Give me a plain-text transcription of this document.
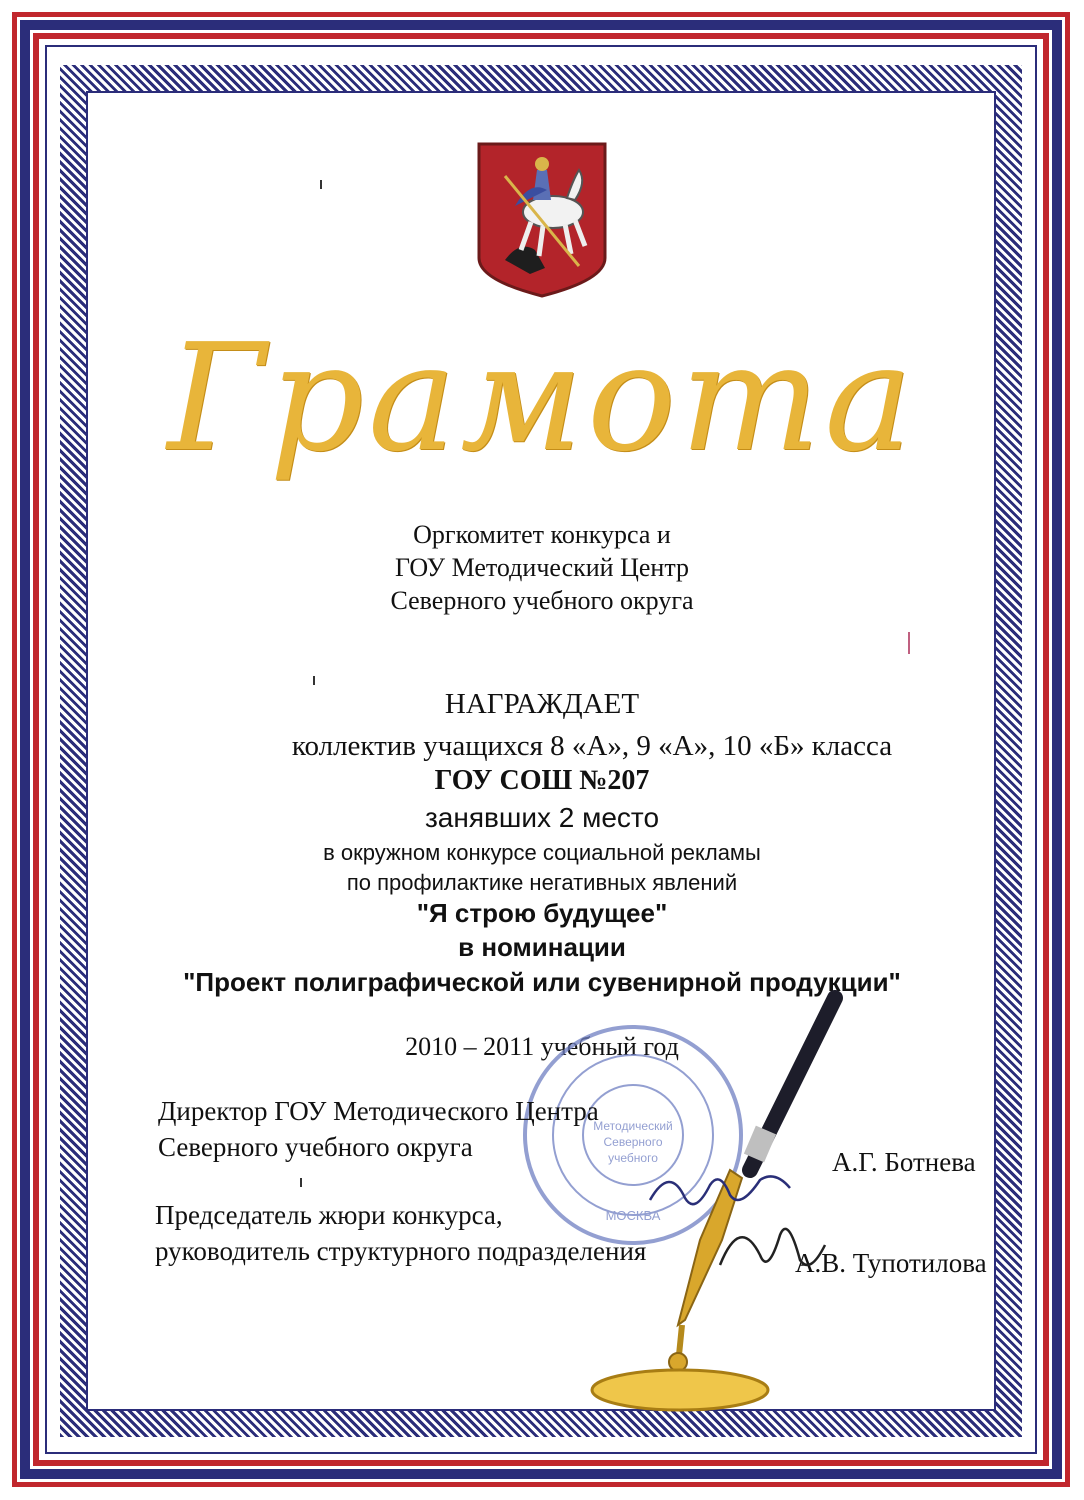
Грамота
Оргкомитет конкурса и
ГОУ Методический Центр
Северного учебного округа
НАГРАЖДАЕТ
коллектив учащихся 8 «А», 9 «А», 10 «Б» класса
ГОУ СОШ №207
занявших 2 место
в окружном конкурсе социальной рекламы
по профилактике негативных явлений
"Я строю будущее"
в номинации
"Проект полиграфической или сувенирной продукции"
2010 – 2011 учебный год
Методический
Северного
учебного
МОСКВА
Директор ГОУ Методического Центра
Северного учебного округа	А.Г. Ботнева
Председатель жюри конкурса,
руководитель структурного подразделения	А.В. Тупотилова
